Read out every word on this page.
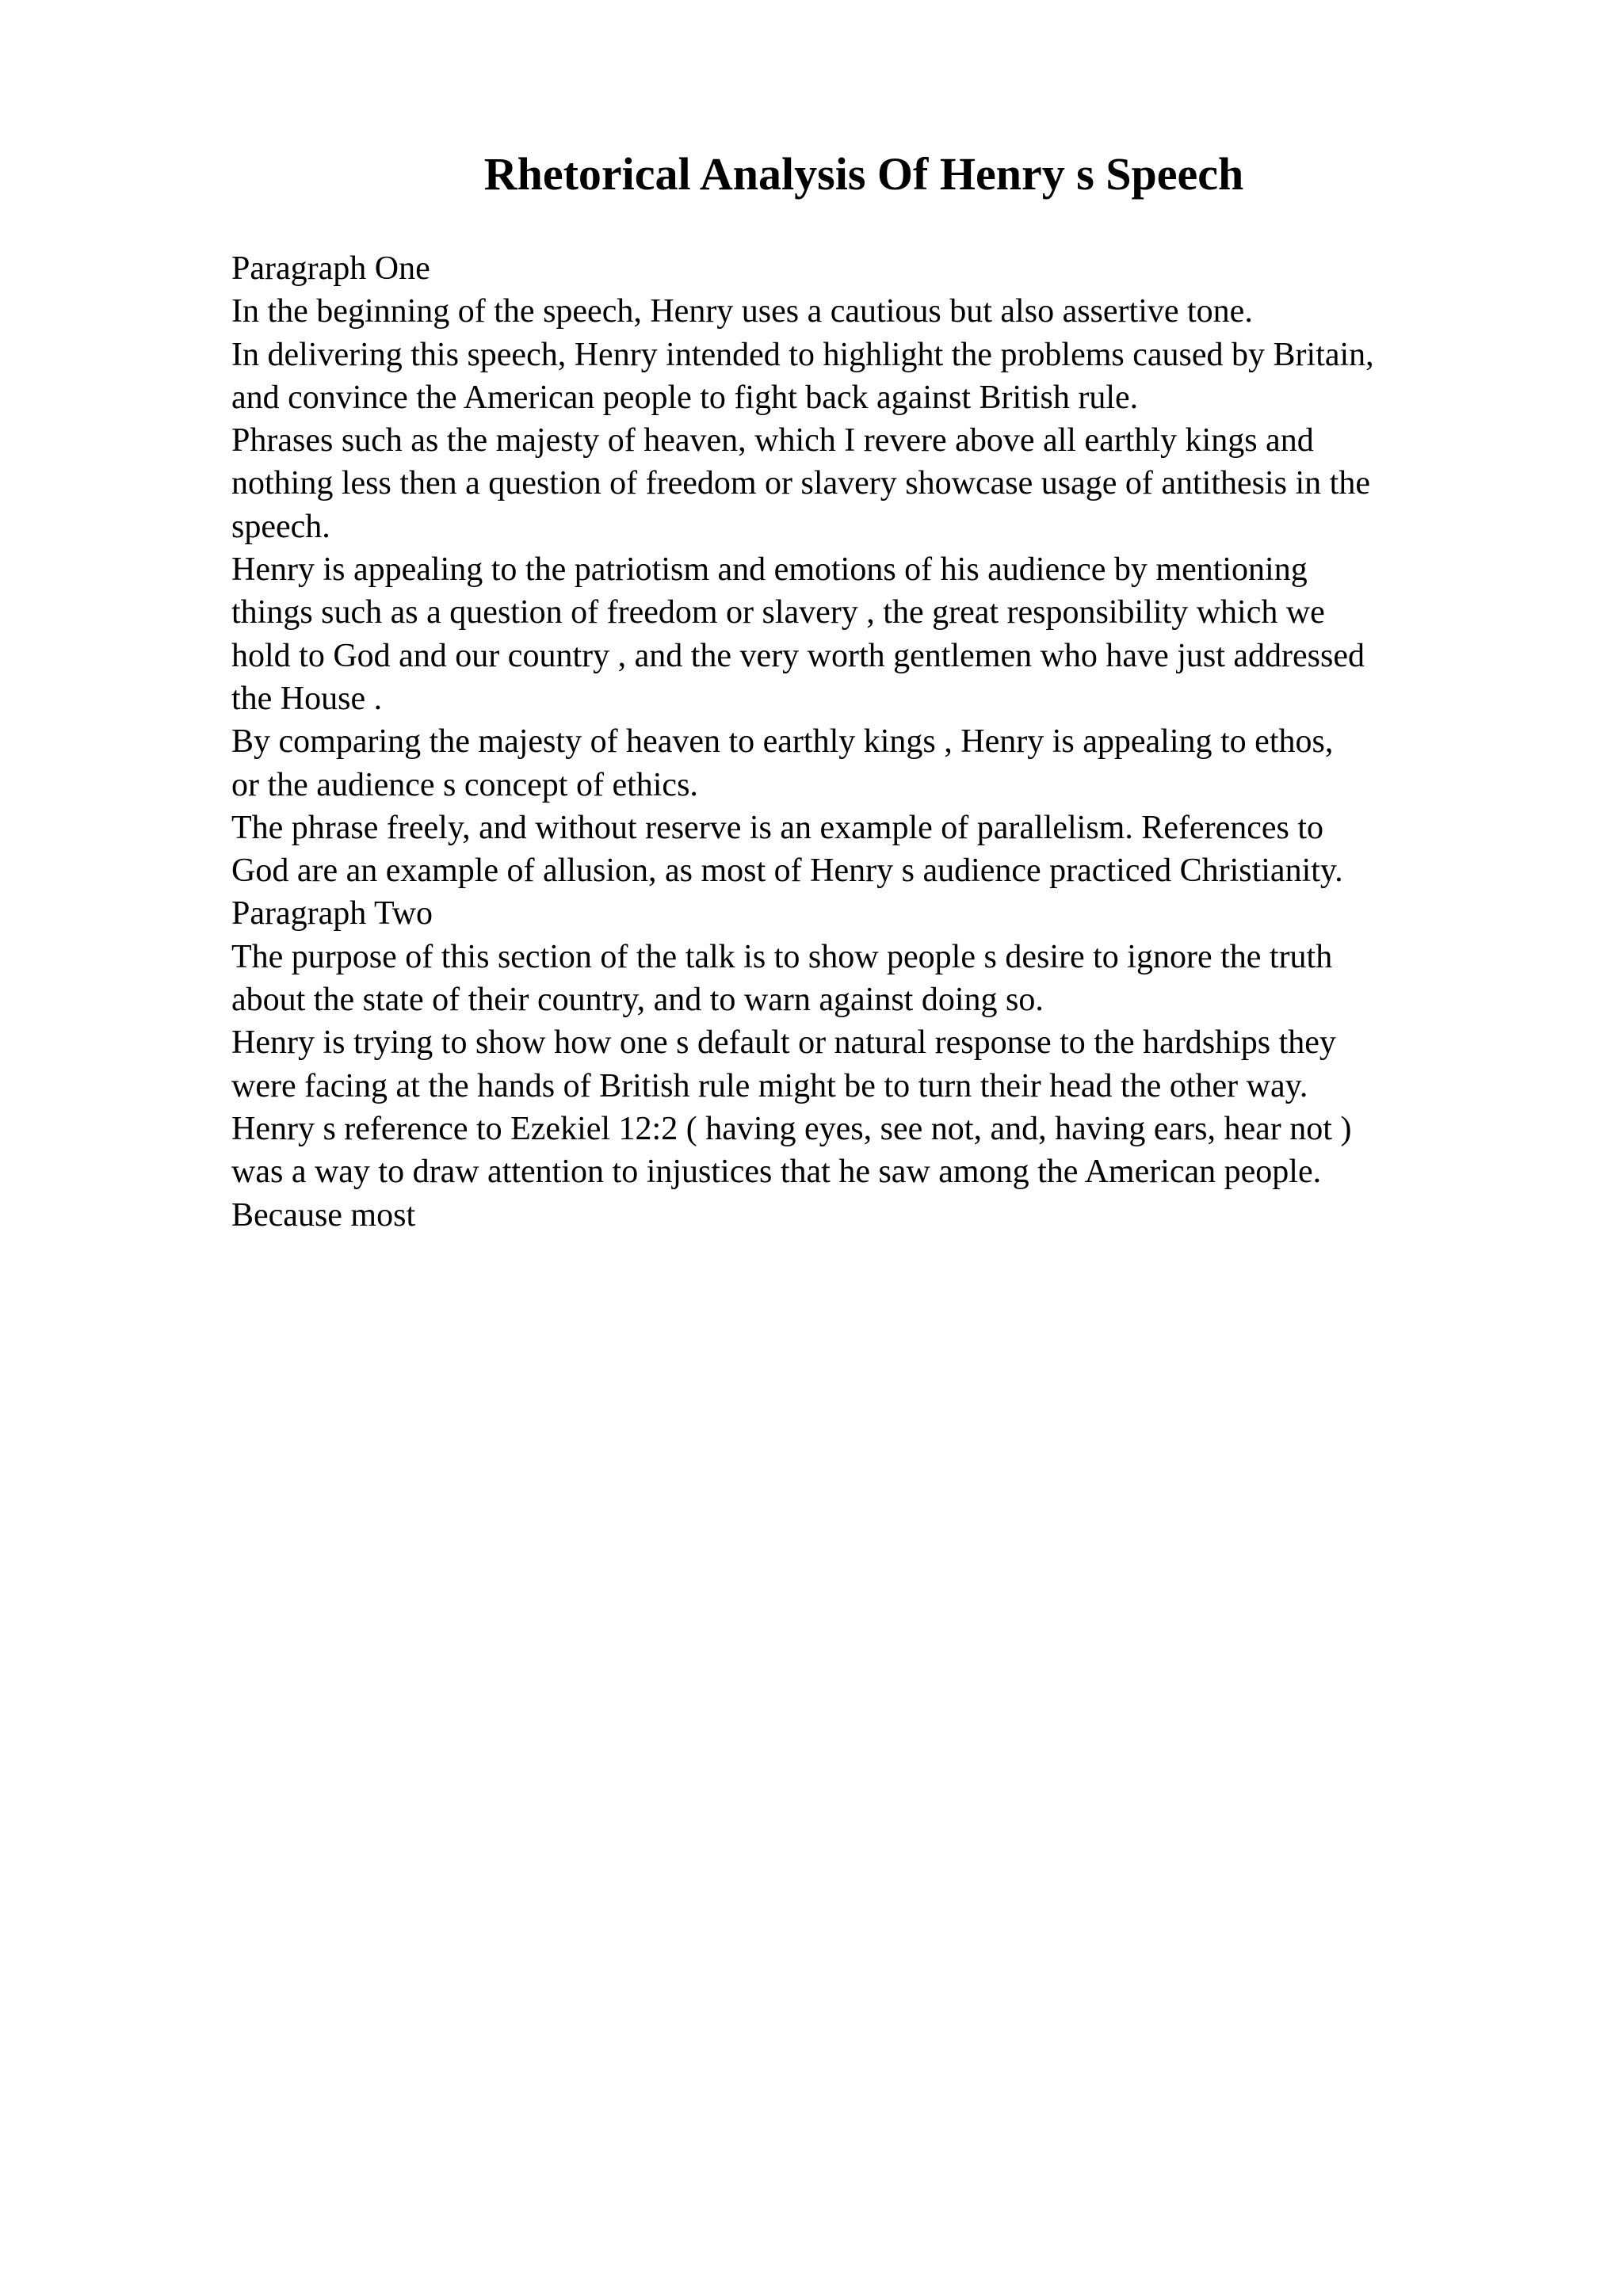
Rhetorical Analysis Of Henry s Speech
Paragraph One
In the beginning of the speech, Henry uses a cautious but also assertive tone.
In delivering this speech, Henry intended to highlight the problems caused by Britain,
and convince the American people to fight back against British rule.
Phrases such as the majesty of heaven, which I revere above all earthly kings and
nothing less then a question of freedom or slavery showcase usage of antithesis in the
speech.
Henry is appealing to the patriotism and emotions of his audience by mentioning
things such as a question of freedom or slavery , the great responsibility which we
hold to God and our country , and the very worth gentlemen who have just addressed
the House .
By comparing the majesty of heaven to earthly kings , Henry is appealing to ethos,
or the audience s concept of ethics.
The phrase freely, and without reserve is an example of parallelism. References to
God are an example of allusion, as most of Henry s audience practiced Christianity.
Paragraph Two
The purpose of this section of the talk is to show people s desire to ignore the truth
about the state of their country, and to warn against doing so.
Henry is trying to show how one s default or natural response to the hardships they
were facing at the hands of British rule might be to turn their head the other way.
Henry s reference to Ezekiel 12:2 ( having eyes, see not, and, having ears, hear not )
was a way to draw attention to injustices that he saw among the American people.
Because most
